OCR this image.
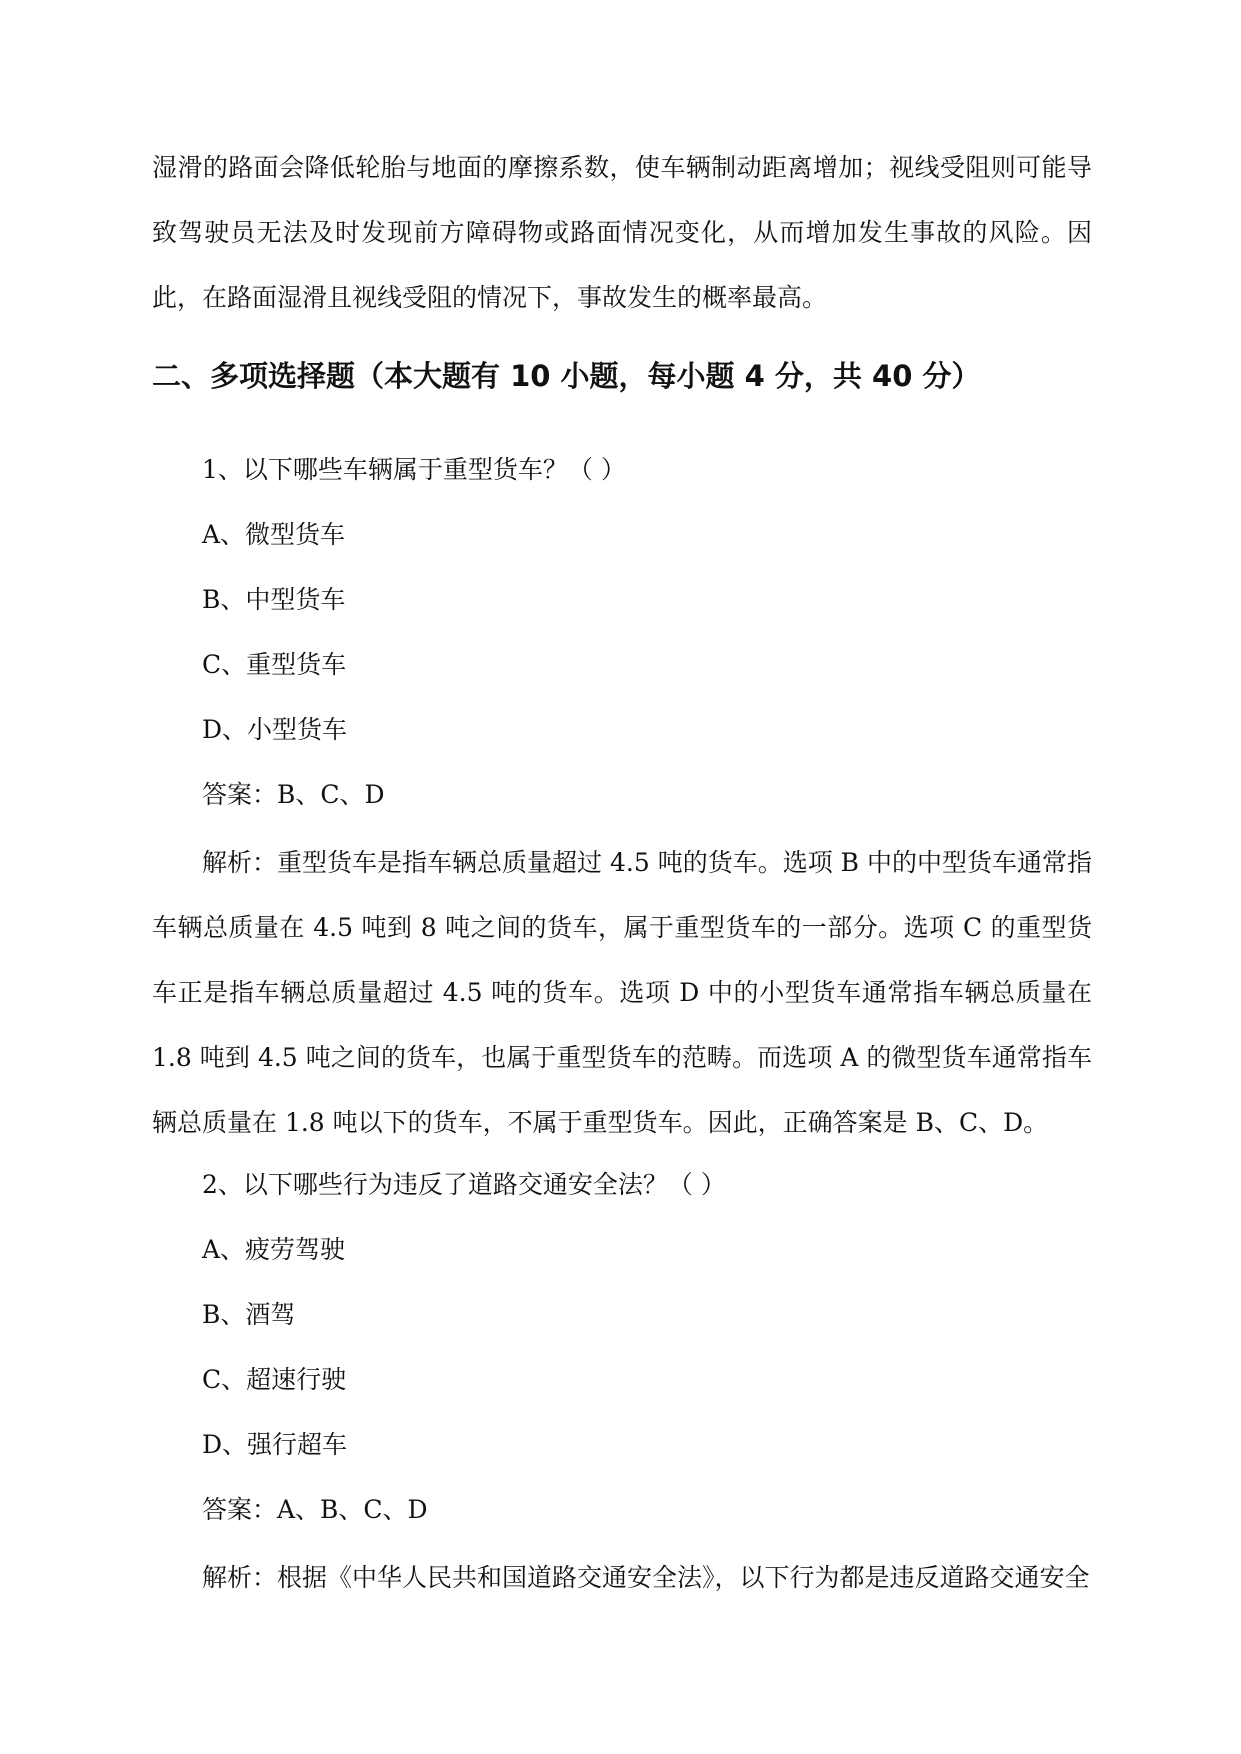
湿滑的路面会降低轮胎与地面的摩擦系数，使车辆制动距离增加；视线受阻则可能导致驾驶员无法及时发现前方障碍物或路面情况变化，从而增加发生事故的风险。因此，在路面湿滑且视线受阻的情况下，事故发生的概率最高。

二、多项选择题（本大题有 10 小题，每小题 4 分，共 40 分）

1、以下哪些车辆属于重型货车？（ ）

A、微型货车

B、中型货车

C、重型货车

D、小型货车

答案：B、C、D

解析：重型货车是指车辆总质量超过 4.5 吨的货车。选项 B 中的中型货车通常指车辆总质量在 4.5 吨到 8 吨之间的货车，属于重型货车的一部分。选项 C 的重型货车正是指车辆总质量超过 4.5 吨的货车。选项 D 中的小型货车通常指车辆总质量在 1.8 吨到 4.5 吨之间的货车，也属于重型货车的范畴。而选项 A 的微型货车通常指车辆总质量在 1.8 吨以下的货车，不属于重型货车。因此，正确答案是 B、C、D。

2、以下哪些行为违反了道路交通安全法？（ ）

A、疲劳驾驶

B、酒驾

C、超速行驶

D、强行超车

答案：A、B、C、D

解析：根据《中华人民共和国道路交通安全法》，以下行为都是违反道路交通安全
